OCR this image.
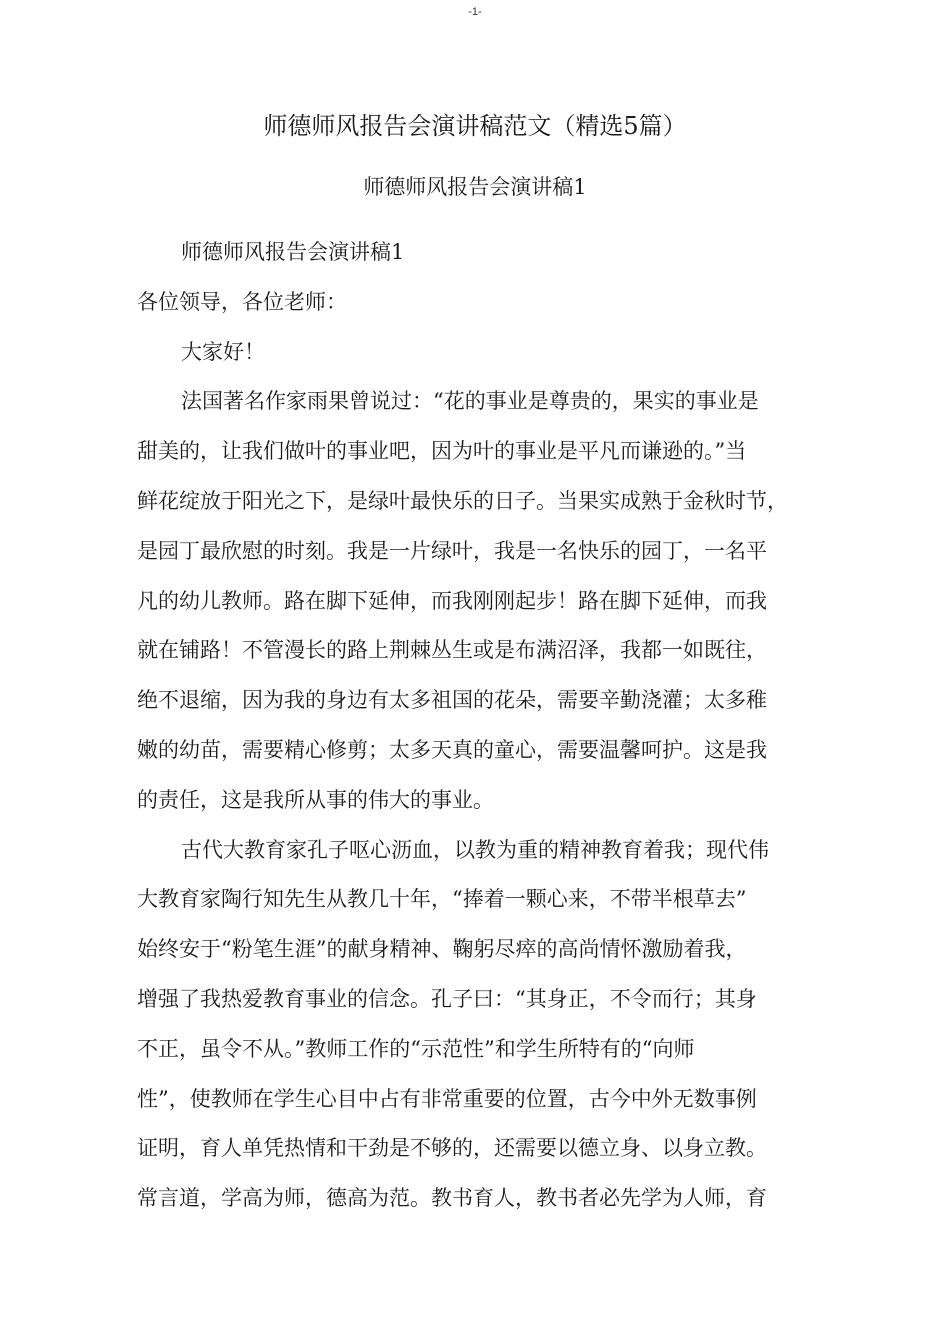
-1-
师德师风报告会演讲稿范文（精选5篇）
师德师风报告会演讲稿1

师德师风报告会演讲稿1

各位领导，各位老师：

大家好！

法国著名作家雨果曾说过：“花的事业是尊贵的，果实的事业是
甜美的，让我们做叶的事业吧，因为叶的事业是平凡而谦逊的。”当
鲜花绽放于阳光之下，是绿叶最快乐的日子。当果实成熟于金秋时节，
是园丁最欣慰的时刻。我是一片绿叶，我是一名快乐的园丁，一名平
凡的幼儿教师。路在脚下延伸，而我刚刚起步！路在脚下延伸，而我
就在铺路！不管漫长的路上荆棘丛生或是布满沼泽，我都一如既往，
绝不退缩，因为我的身边有太多祖国的花朵，需要辛勤浇灌；太多稚
嫩的幼苗，需要精心修剪；太多天真的童心，需要温馨呵护。这是我
的责任，这是我所从事的伟大的事业。

古代大教育家孔子呕心沥血，以教为重的精神教育着我；现代伟
大教育家陶行知先生从教几十年，“捧着一颗心来，不带半根草去”
始终安于“粉笔生涯”的献身精神、鞠躬尽瘁的高尚情怀激励着我，
增强了我热爱教育事业的信念。孔子曰：“其身正，不令而行；其身
不正，虽令不从。”教师工作的“示范性”和学生所特有的“向师
性”，使教师在学生心目中占有非常重要的位置，古今中外无数事例
证明，育人单凭热情和干劲是不够的，还需要以德立身、以身立教。
常言道，学高为师，德高为范。教书育人，教书者必先学为人师，育
